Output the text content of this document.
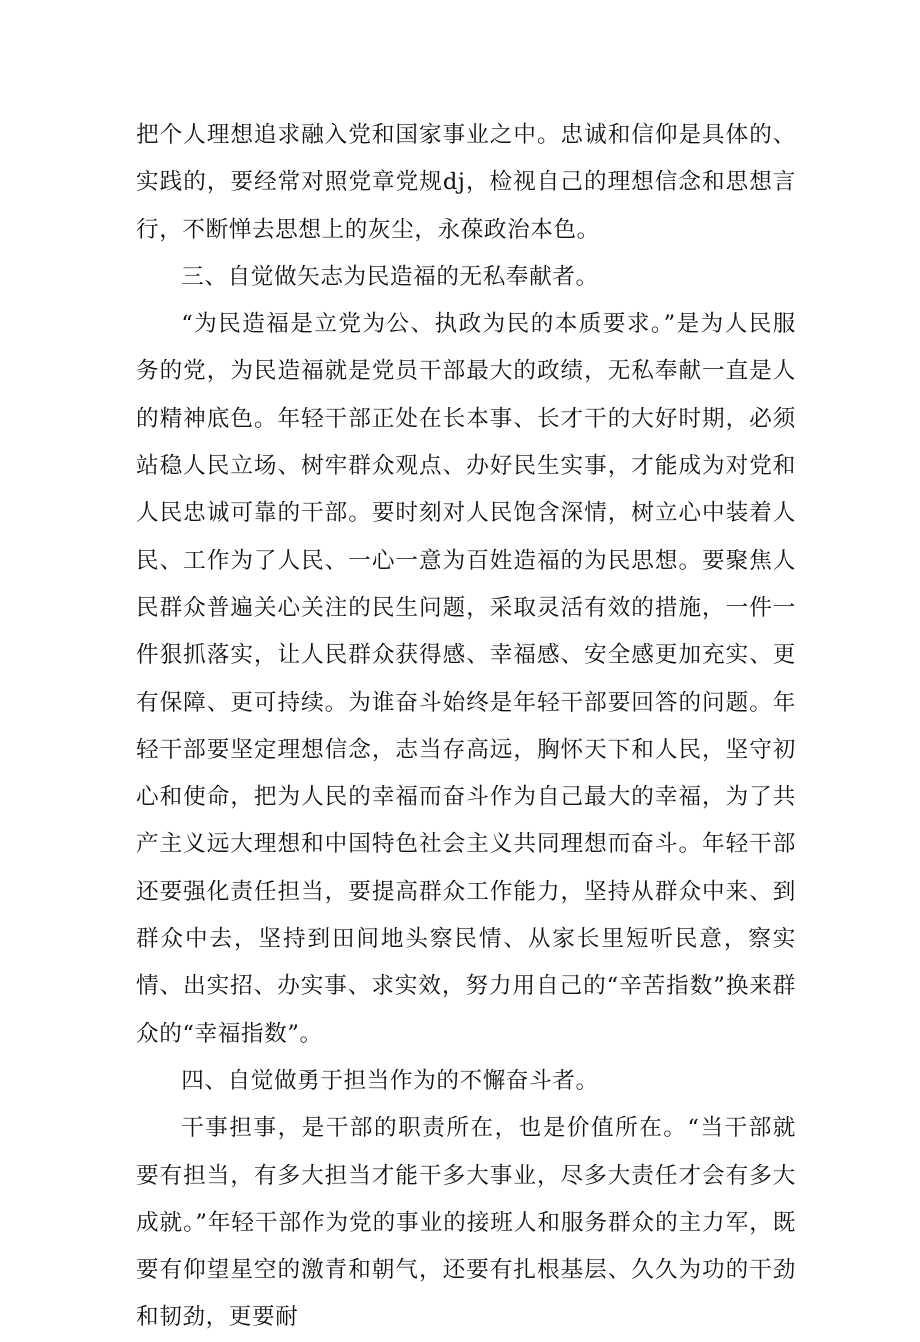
把个人理想追求融入党和国家事业之中。忠诚和信仰是具体的、实践的，要经常对照党章党规dj，检视自己的理想信念和思想言行，不断惮去思想上的灰尘，永葆政治本色。

三、自觉做矢志为民造福的无私奉献者。

“为民造福是立党为公、执政为民的本质要求。”是为人民服务的党，为民造福就是党员干部最大的政绩，无私奉献一直是人的精神底色。年轻干部正处在长本事、长才干的大好时期，必须站稳人民立场、树牢群众观点、办好民生实事，才能成为对党和人民忠诚可靠的干部。要时刻对人民饱含深情，树立心中装着人民、工作为了人民、一心一意为百姓造福的为民思想。要聚焦人民群众普遍关心关注的民生问题，采取灵活有效的措施，一件一件狠抓落实，让人民群众获得感、幸福感、安全感更加充实、更有保障、更可持续。为谁奋斗始终是年轻干部要回答的问题。年轻干部要坚定理想信念，志当存高远，胸怀天下和人民，坚守初心和使命，把为人民的幸福而奋斗作为自己最大的幸福，为了共产主义远大理想和中国特色社会主义共同理想而奋斗。年轻干部还要强化责任担当，要提高群众工作能力，坚持从群众中来、到群众中去，坚持到田间地头察民情、从家长里短听民意，察实情、出实招、办实事、求实效，努力用自己的“辛苦指数”换来群众的“幸福指数”。

四、自觉做勇于担当作为的不懈奋斗者。

干事担事，是干部的职责所在，也是价值所在。“当干部就要有担当，有多大担当才能干多大事业，尽多大责任才会有多大成就。”年轻干部作为党的事业的接班人和服务群众的主力军，既要有仰望星空的激青和朝气，还要有扎根基层、久久为功的干劲和韧劲，更要耐
